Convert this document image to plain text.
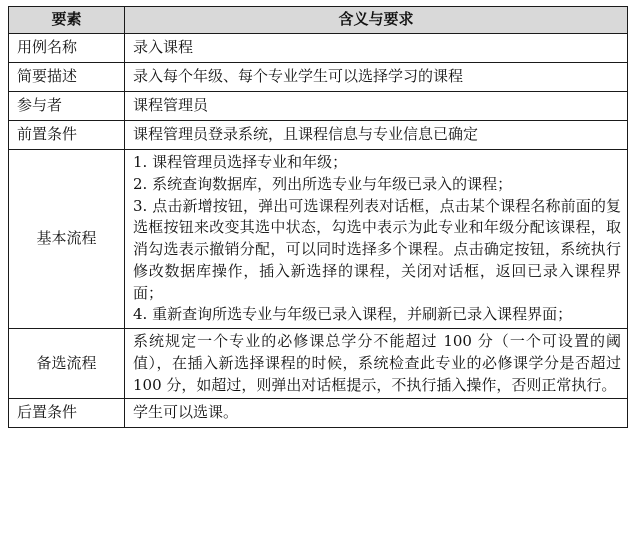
要素	含义与要求
用例名称	录入课程
简要描述	录入每个年级、每个专业学生可以选择学习的课程
参与者	课程管理员
前置条件	课程管理员登录系统，且课程信息与专业信息已确定
基本流程	1. 课程管理员选择专业和年级；
2. 系统查询数据库，列出所选专业与年级已录入的课程；
3. 点击新增按钮，弹出可选课程列表对话框，点击某个课程名称前面的复选框按钮来改变其选中状态，勾选中表示为此专业和年级分配该课程，取消勾选表示撤销分配，可以同时选择多个课程。点击确定按钮，系统执行修改数据库操作，插入新选择的课程，关闭对话框，返回已录入课程界面；
4. 重新查询所选专业与年级已录入课程，并刷新已录入课程界面；

备选流程	系统规定一个专业的必修课总学分不能超过 100 分（一个可设置的阈值），在插入新选择课程的时候，系统检查此专业的必修课学分是否超过 100 分，如超过，则弹出对话框提示，不执行插入操作，否则正常执行。
后置条件	学生可以选课。
